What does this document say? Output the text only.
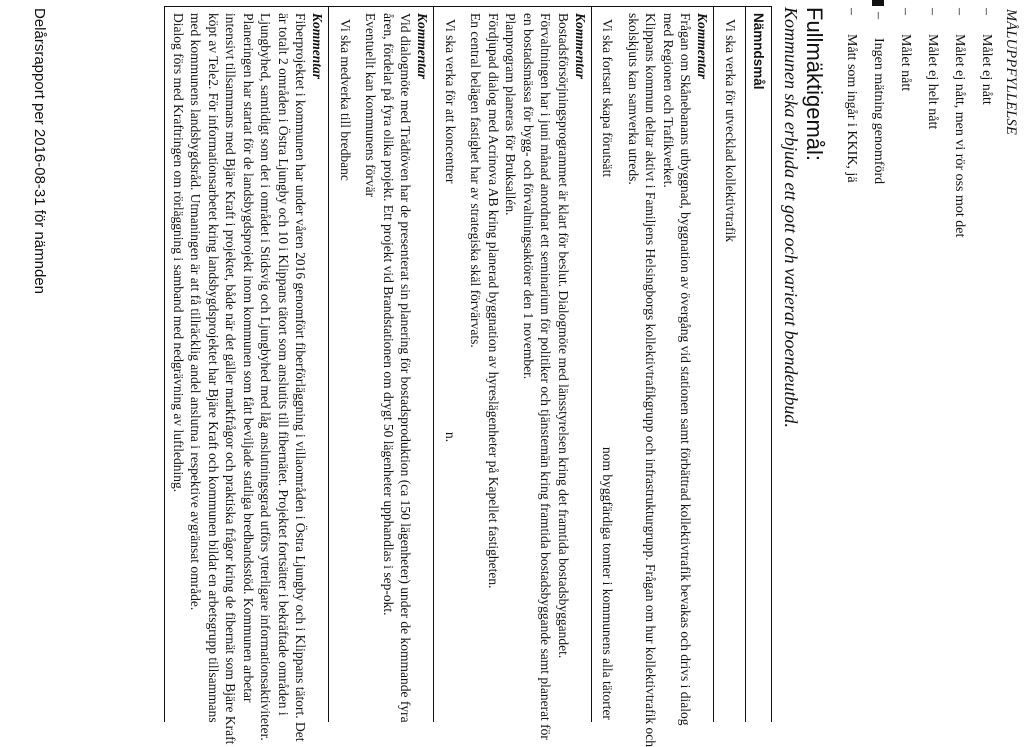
MÅLUPPFYLLELSE
–
Målet ej nått
–
Målet ej nått, men vi rör oss mot det
–
Målet ej helt nått
–
Målet nått
–
Ingen mätning genomförd
–
Mått som ingår i KKIK, jä
Fullmäktigemål:
Kommunen ska erbjuda ett gott och varierat boendeutbud.
Nämndsmål
Vi ska verka för utvecklad kollektivtrafik
Kommentar
Frågan om Skånebanans utbyggnad, byggnation av övergång vid stationen samt förbättrad kollektivtrafik bevakas och drivs i dialog
med Regionen och Trafikverket.
Klippans kommun deltar aktivt i Familjens Helsingborgs kollektivtrafikgrupp och infrastrukturgrupp. Frågan om hur kollektivtrafik och
skolskjuts kan samverka utreds.
Vi ska fortsatt skapa förutsätt
nom byggfärdiga tomter i kommunens alla tätorter
Kommentar
Bostadsförsörjningsprogrammet är klart för beslut. Dialogmöte med länsstyrelsen kring det framtida bostadsbyggandet.
Förvaltningen har i juni månad anordnat ett seminarium för politiker och tjänstemän kring framtida bostadsbyggande samt planerat för
en bostadsmässa för bygg- och förvaltningsaktörer den 1 november.
Planprogram planeras för Bruksallén.
Fördjupad dialog med Acrinova AB kring planerad byggnation av hyreslägenheter på Kapellet fastigheten.
En central belägen fastighet har av strategiska skäl förvärvats.
Vi ska verka för att koncentrer
n.
Kommentar
Vid dialogmöte med Trädtöven har de presenterat sin planering för bostadsproduktion (ca 150 lägenheter) under de kommande fyra
åren, fördelat på fyra olika projekt. Ett projekt vid Brandstationen om drygt 50 lägenheter upphandlas i sep-okt.
Eventuellt kan kommunens förvär
Vi ska medverka till bredbanc
Kommentar
Fiberprojektet i kommunen har under våren 2016 genomfört fiberförläggning i villaområden i Östra Ljungby och i Klippans tätort. Det
är totalt 2 områden i Östra Ljungby och 10 i Klippans tätort som anslutits till fibernätet. Projektet fortsätter i bekräftade områden i
Ljungbyhed, samtidigt som det i området i Stidsvig och Ljungbyhed med låg anslutningsgrad utförs ytterligare informationsaktiviteter.
Planeringen har startat för de landsbygdsprojekt inom kommunen som fått beviljade statliga bredbandsstöd. Kommunen arbetar
intensivt tillsammans med Bjäre Kraft i projektet, både när det gäller markfrågor och praktiska frågor kring de fibernät som Bjäre Kraft
köpt av Tele2. För informationsarbetet kring landsbygdsprojektet har Bjäre Kraft och kommunen bildat en arbetsgrupp tillsammans
med kommunens landsbygdsråd. Utmaningen är att få tillräcklig andel anslutna i respektive avgränsat område.
Dialog förs med Kraftringen om rörläggning i samband med nedgrävning av luftledning.
Delårsrapport per 2016-08-31 för nämnden
